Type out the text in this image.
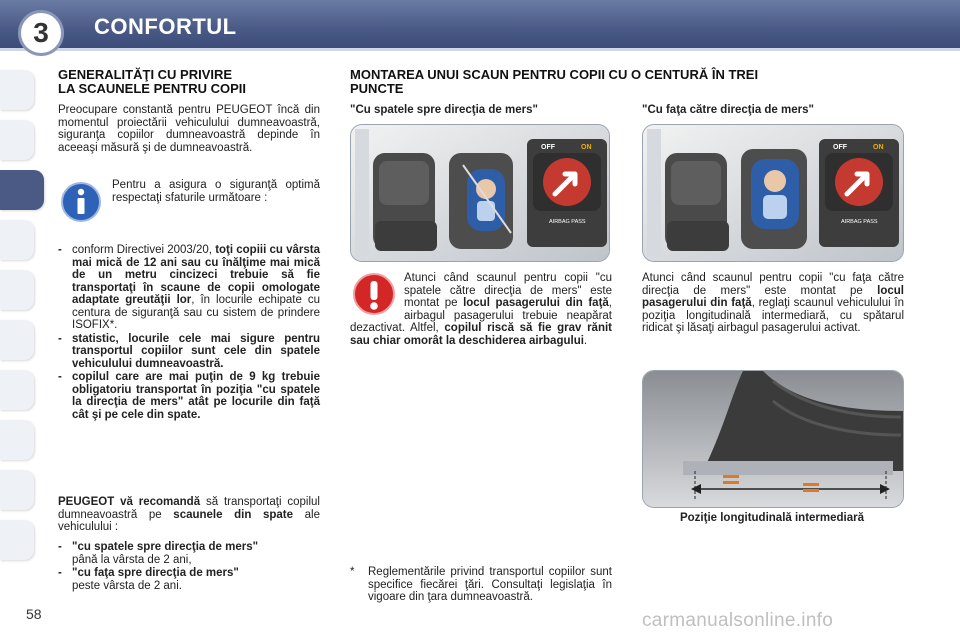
3 CONFORTUL
GENERALITĂŢI CU PRIVIRE
LA SCAUNELE PENTRU COPII
Preocupare constantă pentru PEUGEOT încă din momentul proiectării vehiculului dumneavoastră, siguranţa copiilor dumneavoastră depinde în aceeaşi măsură şi de dumneavoastră.
Pentru a asigura o siguranţă optimă respectaţi sfaturile următoare :
- conform Directivei 2003/20, toţi copiii cu vârsta mai mică de 12 ani sau cu înălţime mai mică de un metru cincizeci trebuie să fie transportaţi în scaune de copii omologate adaptate greutăţii lor, în locurile echipate cu centura de siguranţă sau cu sistem de prindere ISOFIX*.
- statistic, locurile cele mai sigure pentru transportul copiilor sunt cele din spatele vehiculului dumneavoastră.
- copilul care are mai puţin de 9 kg trebuie obligatoriu transportat în poziţia "cu spatele la direcţia de mers" atât pe locurile din faţă cât şi pe cele din spate.
PEUGEOT vă recomandă să transportaţi copilul dumneavoastră pe scaunele din spate ale vehiculului :
- "cu spatele spre direcţia de mers"
până la vârsta de 2 ani,
- "cu faţa spre direcţia de mers"
peste vârsta de 2 ani.
MONTAREA UNUI SCAUN PENTRU COPII CU O CENTURĂ ÎN TREI
PUNCTE
"Cu spatele spre direcţia de mers"	"Cu faţa către direcţia de mers"
OFF	ON
AIRBAG PASS
OFF	ON
AIRBAG PASS
Atunci când scaunul pentru copii "cu spatele către direcţia de mers" este montat pe locul pasagerului din faţă, airbagul pasagerului trebuie neapărat dezactivat. Altfel, copilul riscă să fie grav rănit sau chiar omorât la deschiderea airbagului.
Atunci când scaunul pentru copii "cu faţa către direcţia de mers" este montat pe locul pasagerului din faţă, reglaţi scaunul vehiculului în poziţia longitudinală intermediară, cu spătarul ridicat şi lăsaţi airbagul pasagerului activat.
Poziţie longitudinală intermediară
*	Reglementările privind transportul copiilor sunt specifice fiecărei ţări. Consultaţi legislaţia în vigoare din ţara dumneavoastră.
58	carmanualsonline.info
